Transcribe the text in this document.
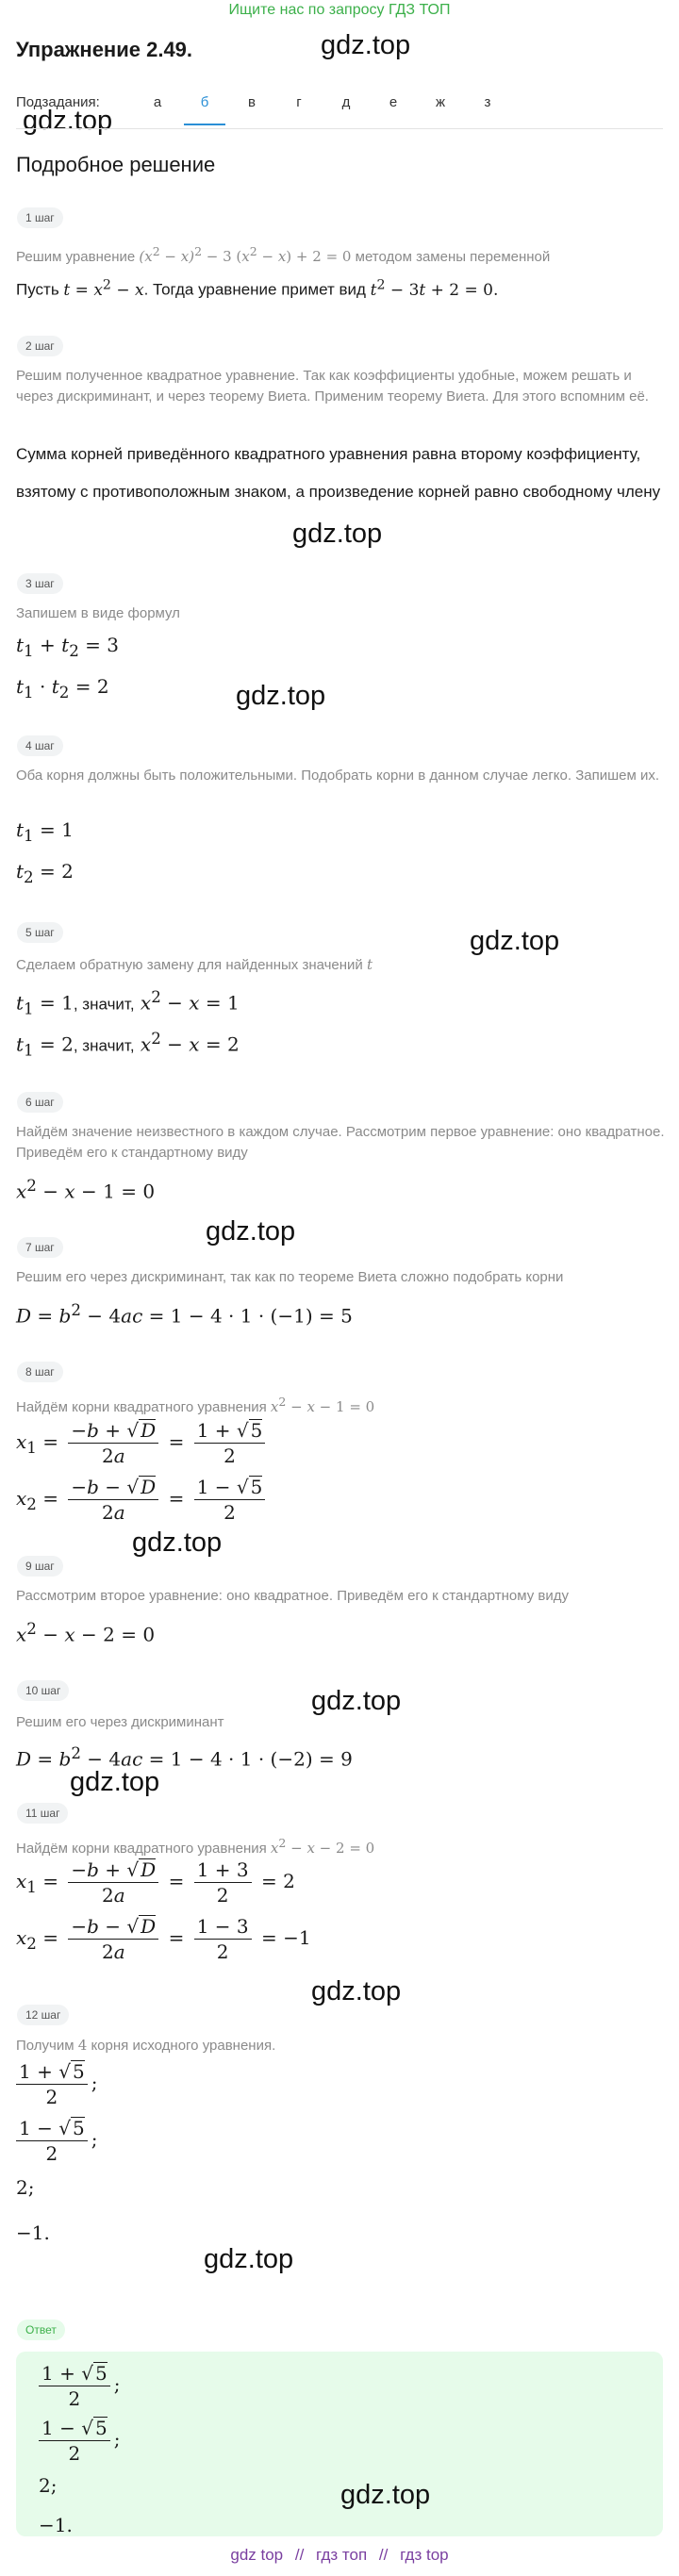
Ищите нас по запросу ГДЗ ТОП
Упражнение 2.49.	gdz.top
gdz.top
Подзадания:	а	б	в	г	д	е	ж	з
Подробное решение
1 шаг
Решим уравнение $(x^2 - x)^2 - 3$ $(x^2 - x) + 2 = 0$ методом замены переменной
Пусть $t = x^2 - x$. Тогда уравнение примет вид $t^2 - 3t + 2 = 0$.
2 шаг
Решим полученное квадратное уравнение. Так как коэффициенты удобные, можем решать и через дискриминант, и через теорему Виета. Применим теорему Виета. Для этого вспомним её.
Сумма корней приведённого квадратного уравнения равна второму коэффициенту, взятому с противоположным знаком, а произведение корней равно свободному члену
gdz.top
3 шаг
Запишем в виде формул
$t_1 + t_2 = 3$
$t_1 \cdot t_2 = 2$	gdz.top
4 шаг
Оба корня должны быть положительными. Подобрать корни в данном случае легко. Запишем их.
$t_1 = 1$
$t_2 = 2$
5 шаг	gdz.top
Сделаем обратную замену для найденных значений t
$t_1 = 1$, значит, $x^2 - x = 1$
$t_1 = 2$, значит, $x^2 - x = 2$
6 шаг
Найдём значение неизвестного в каждом случае. Рассмотрим первое уравнение: оно квадратное. Приведём его к стандартному виду
$x^2 - x - 1 = 0$
gdz.top
7 шаг
Решим его через дискриминант, так как по теореме Виета сложно подобрать корни
$D = b^2 - 4ac = 1 - 4 \cdot 1 \cdot (-1) = 5$
8 шаг
Найдём корни квадратного уравнения $x^2 - x - 1 = 0$
$x_1 = \frac{-b + √ D}{2a} = \frac{1 + √ 5}{2}$
$x_2 = \frac{-b - √ D}{2a} = \frac{1 - √ 5}{2}$
gdz.top
9 шаг
Рассмотрим второе уравнение: оно квадратное. Приведём его к стандартному виду
$x^2 - x - 2 = 0$
gdz.top
10 шаг
Решим его через дискриминант
$D = b^2 - 4ac = 1 - 4 \cdot 1 \cdot (-2) = 9$
gdz.top
11 шаг
Найдём корни квадратного уравнения $x^2 - x - 2 = 0$
$x_1 = \frac{-b + √ D}{2a} = \frac{1 + 3}{2} = 2$
$x_2 = \frac{-b - √ D}{2a} = \frac{1 - 3}{2} = -1$
gdz.top
12 шаг
Получим 4 корня исходного уравнения.
$\frac{1 + √ 5}{2}$ ;
$\frac{1 - √ 5}{2}$ ;
2;
−1.
gdz.top
Ответ
$\frac{1 + √ 5}{2}$ ;
$\frac{1 - √ 5}{2}$ ;
2;
−1.
gdz.top
gdz top // гдз топ // гдз top
